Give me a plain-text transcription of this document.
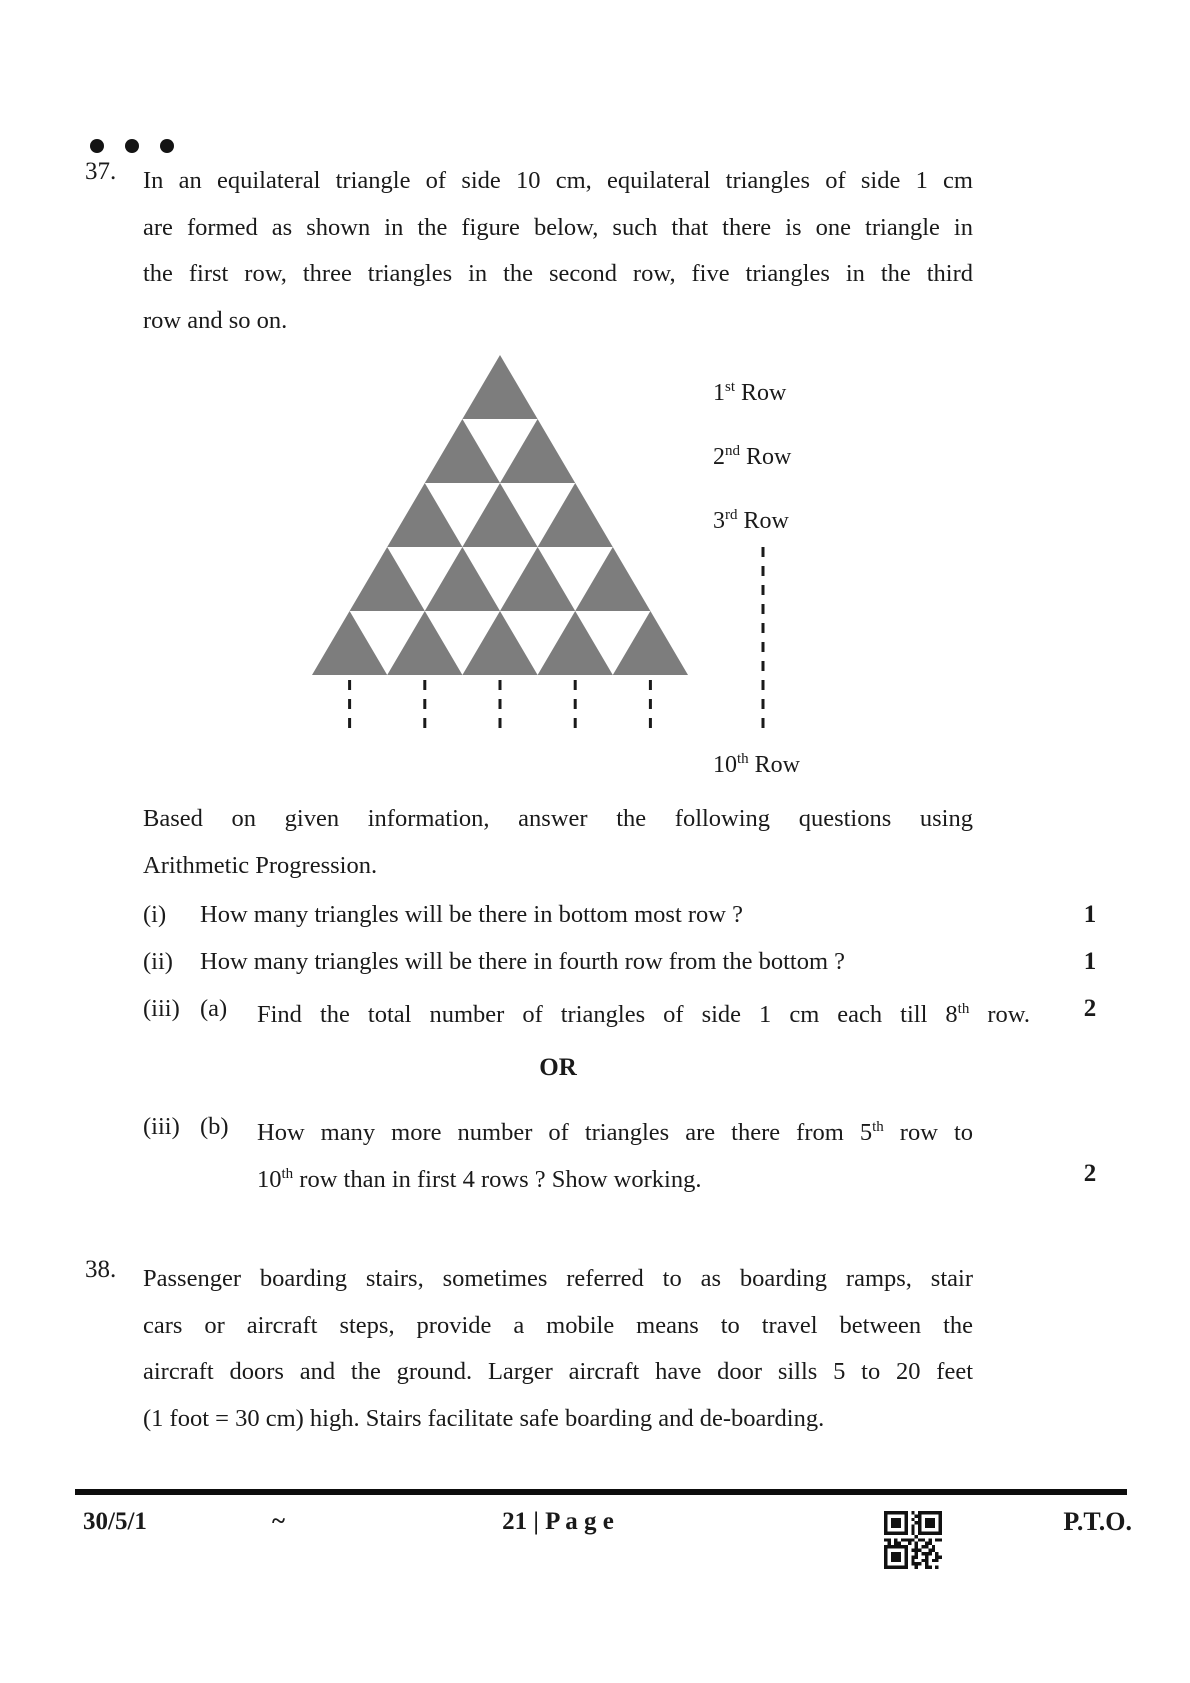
37. In an equilateral triangle of side 10 cm, equilateral triangles of side 1 cm
are formed as shown in the figure below, such that there is one triangle in
the first row, three triangles in the second row, five triangles in the third
row and so on.
1st Row
2nd Row
3rd Row
10th Row
Based on given information, answer the following questions using
Arithmetic Progression.
(i) How many triangles will be there in bottom most row ?	1
(ii) How many triangles will be there in fourth row from the bottom ?	1
(iii) (a) Find the total number of triangles of side 1 cm each till 8th row.	2
OR
(iii) (b) How many more number of triangles are there from 5th row to
10th row than in first 4 rows ? Show working.	2
38. Passenger boarding stairs, sometimes referred to as boarding ramps, stair
cars or aircraft steps, provide a mobile means to travel between the
aircraft doors and the ground. Larger aircraft have door sills 5 to 20 feet
(1 foot = 30 cm) high. Stairs facilitate safe boarding and de-boarding.
30/5/1	~	21 | P a g e	P.T.O.
